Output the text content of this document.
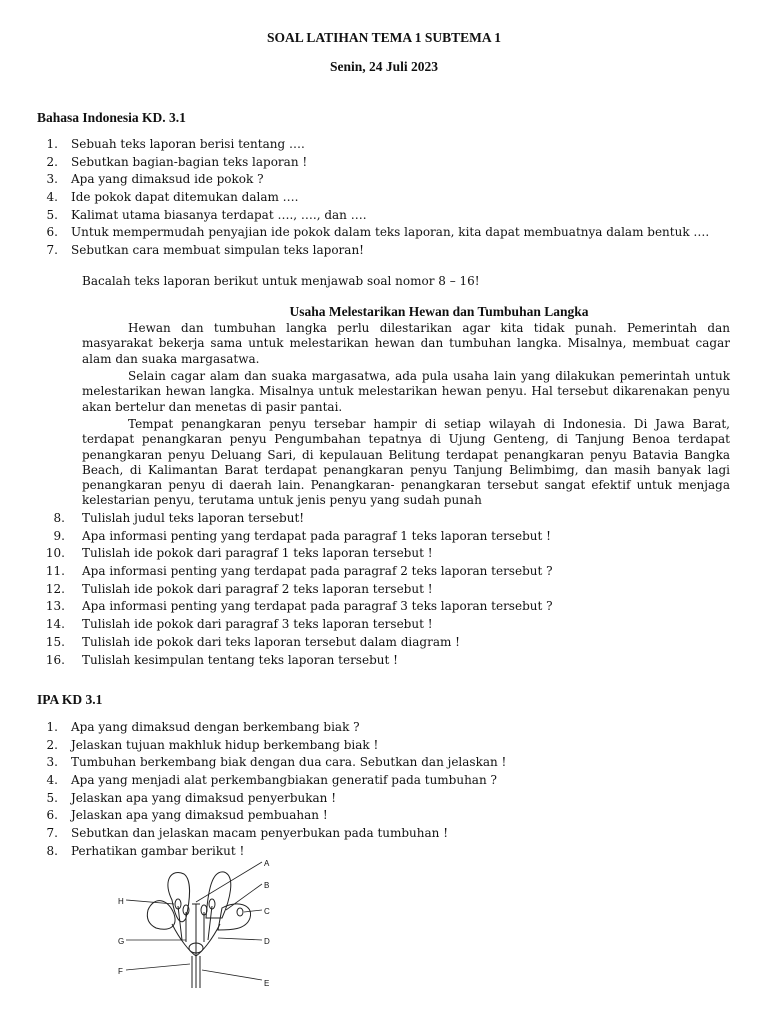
SOAL LATIHAN TEMA 1 SUBTEMA 1
Senin, 24 Juli 2023
Bahasa Indonesia KD. 3.1
1. Sebuah teks laporan berisi tentang ….
2. Sebutkan bagian-bagian teks laporan !
3. Apa yang dimaksud ide pokok ?
4. Ide pokok dapat ditemukan dalam ….
5. Kalimat utama biasanya terdapat …., …., dan ….
6. Untuk mempermudah penyajian ide pokok dalam teks laporan, kita dapat membuatnya dalam bentuk ….
7. Sebutkan cara membuat simpulan teks laporan!
Bacalah teks laporan berikut untuk menjawab soal nomor 8 – 16!
Usaha Melestarikan Hewan dan Tumbuhan Langka

Hewan dan tumbuhan langka perlu dilestarikan agar kita tidak punah. Pemerintah dan masyarakat bekerja sama untuk melestarikan hewan dan tumbuhan langka. Misalnya, membuat cagar alam dan suaka margasatwa.

Selain cagar alam dan suaka margasatwa, ada pula usaha lain yang dilakukan pemerintah untuk melestarikan hewan langka. Misalnya untuk melestarikan hewan penyu. Hal tersebut dikarenakan penyu akan bertelur dan menetas di pasir pantai.

Tempat penangkaran penyu tersebar hampir di setiap wilayah di Indonesia. Di Jawa Barat, terdapat penangkaran penyu Pengumbahan tepatnya di Ujung Genteng, di Tanjung Benoa terdapat penangkaran penyu Deluang Sari, di kepulauan Belitung terdapat penangkaran penyu Batavia Bangka Beach, di Kalimantan Barat terdapat penangkaran penyu Tanjung Belimbimg, dan masih banyak lagi penangkaran penyu di daerah lain. Penangkaran- penangkaran tersebut sangat efektif untuk menjaga kelestarian penyu, terutama untuk jenis penyu yang sudah punah

8. Tulislah judul teks laporan tersebut!
9. Apa informasi penting yang terdapat pada paragraf 1 teks laporan tersebut !
10. Tulislah ide pokok dari paragraf 1 teks laporan tersebut !
11. Apa informasi penting yang terdapat pada paragraf 2 teks laporan tersebut ?
12. Tulislah ide pokok dari paragraf 2 teks laporan tersebut !
13. Apa informasi penting yang terdapat pada paragraf 3 teks laporan tersebut ?
14. Tulislah ide pokok dari paragraf 3 teks laporan tersebut !
15. Tulislah ide pokok dari teks laporan tersebut dalam diagram !
16. Tulislah kesimpulan tentang teks laporan tersebut !
IPA KD 3.1
1. Apa yang dimaksud dengan berkembang biak ?
2. Jelaskan tujuan makhluk hidup berkembang biak !
3. Tumbuhan berkembang biak dengan dua cara. Sebutkan dan jelaskan !
4. Apa yang menjadi alat perkembangbiakan generatif pada tumbuhan ?
5. Jelaskan apa yang dimaksud penyerbukan !
6. Jelaskan apa yang dimaksud pembuahan !
7. Sebutkan dan jelaskan macam penyerbukan pada tumbuhan !
8. Perhatikan gambar berikut !
A
B
C
D
E
F
G
H
